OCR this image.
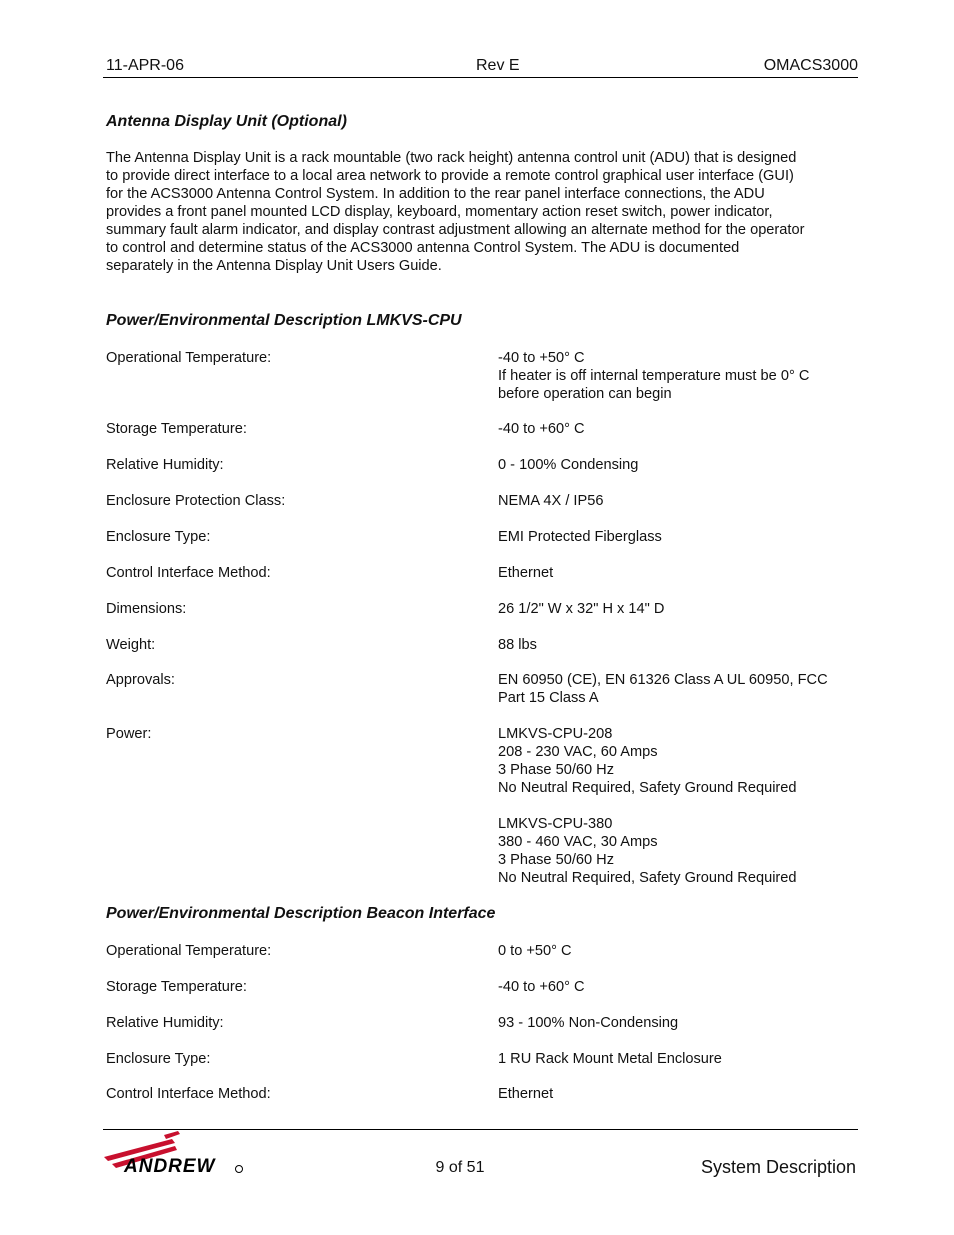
11-APR-06	Rev E	OMACS3000
Antenna Display Unit (Optional)
The Antenna Display Unit is a rack mountable (two rack height) antenna control unit (ADU) that is designed
to provide direct interface to a local area network to provide a remote control graphical user interface (GUI)
for the ACS3000 Antenna Control System. In addition to the rear panel interface connections, the ADU
provides a front panel mounted LCD display, keyboard, momentary action reset switch, power indicator,
summary fault alarm indicator, and display contrast adjustment allowing an alternate method for the operator
to control and determine status of the ACS3000 antenna Control System. The ADU is documented
separately in the Antenna Display Unit Users Guide.
Power/Environmental Description LMKVS-CPU
Operational Temperature:	-40 to +50° C
If heater is off internal temperature must be 0° C
before operation can begin
Storage Temperature:	-40 to +60° C
Relative Humidity:	0 - 100% Condensing
Enclosure Protection Class:	NEMA 4X / IP56
Enclosure Type:	EMI Protected Fiberglass
Control Interface Method:	Ethernet
Dimensions:	26 1/2" W x 32" H x 14" D
Weight:	88 lbs
Approvals:	EN 60950 (CE), EN 61326 Class A UL 60950, FCC
Part 15 Class A
Power:	LMKVS-CPU-208
208 - 230 VAC, 60 Amps
3 Phase 50/60 Hz
No Neutral Required, Safety Ground Required
LMKVS-CPU-380
380 - 460 VAC, 30 Amps
3 Phase 50/60 Hz
No Neutral Required, Safety Ground Required
Power/Environmental Description Beacon Interface
Operational Temperature:	0 to +50° C
Storage Temperature:	-40 to +60° C
Relative Humidity:	93 - 100% Non-Condensing
Enclosure Type:	1 RU Rack Mount Metal Enclosure
Control Interface Method:	Ethernet
ANDREW	9 of 51	System Description
